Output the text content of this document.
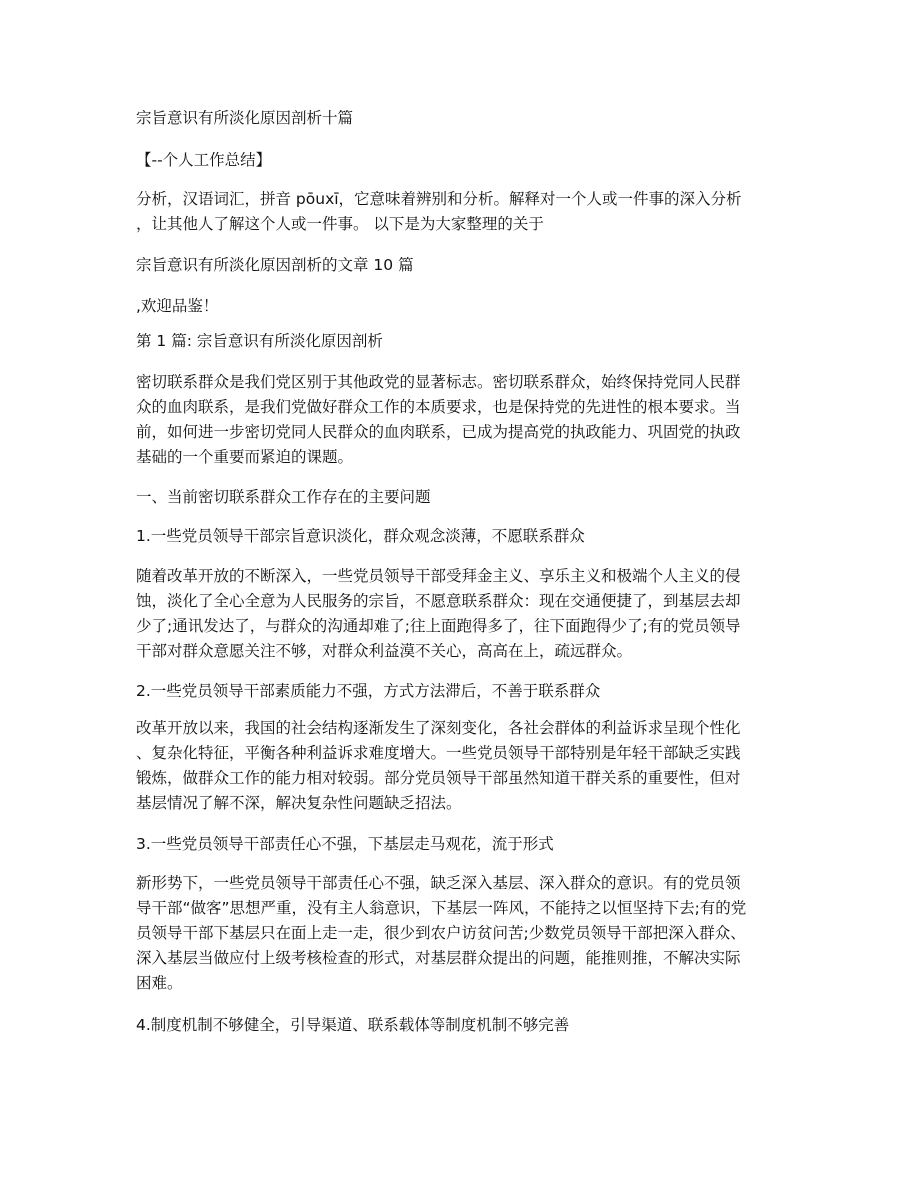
宗旨意识有所淡化原因剖析十篇

【--个人工作总结】

分析，汉语词汇，拼音 pōuxī，它意味着辨别和分析。解释对一个人或一件事的深入分析
，让其他人了解这个人或一件事。 以下是为大家整理的关于

宗旨意识有所淡化原因剖析的文章 10 篇

,欢迎品鉴！

第 1 篇: 宗旨意识有所淡化原因剖析

密切联系群众是我们党区别于其他政党的显著标志。密切联系群众，始终保持党同人民群
众的血肉联系，是我们党做好群众工作的本质要求，也是保持党的先进性的根本要求。当
前，如何进一步密切党同人民群众的血肉联系，已成为提高党的执政能力、巩固党的执政
基础的一个重要而紧迫的课题。

一、当前密切联系群众工作存在的主要问题

1.一些党员领导干部宗旨意识淡化，群众观念淡薄，不愿联系群众

随着改革开放的不断深入，一些党员领导干部受拜金主义、享乐主义和极端个人主义的侵
蚀，淡化了全心全意为人民服务的宗旨，不愿意联系群众：现在交通便捷了，到基层去却
少了;通讯发达了，与群众的沟通却难了;往上面跑得多了，往下面跑得少了;有的党员领导
干部对群众意愿关注不够，对群众利益漠不关心，高高在上，疏远群众。

2.一些党员领导干部素质能力不强，方式方法滞后，不善于联系群众

改革开放以来，我国的社会结构逐渐发生了深刻变化，各社会群体的利益诉求呈现个性化
、复杂化特征，平衡各种利益诉求难度增大。一些党员领导干部特别是年轻干部缺乏实践
锻炼，做群众工作的能力相对较弱。部分党员领导干部虽然知道干群关系的重要性，但对
基层情况了解不深，解决复杂性问题缺乏招法。

3.一些党员领导干部责任心不强，下基层走马观花，流于形式

新形势下，一些党员领导干部责任心不强，缺乏深入基层、深入群众的意识。有的党员领
导干部“做客”思想严重，没有主人翁意识，下基层一阵风，不能持之以恒坚持下去;有的党
员领导干部下基层只在面上走一走，很少到农户访贫问苦;少数党员领导干部把深入群众、
深入基层当做应付上级考核检查的形式，对基层群众提出的问题，能推则推，不解决实际
困难。

4.制度机制不够健全，引导渠道、联系载体等制度机制不够完善
